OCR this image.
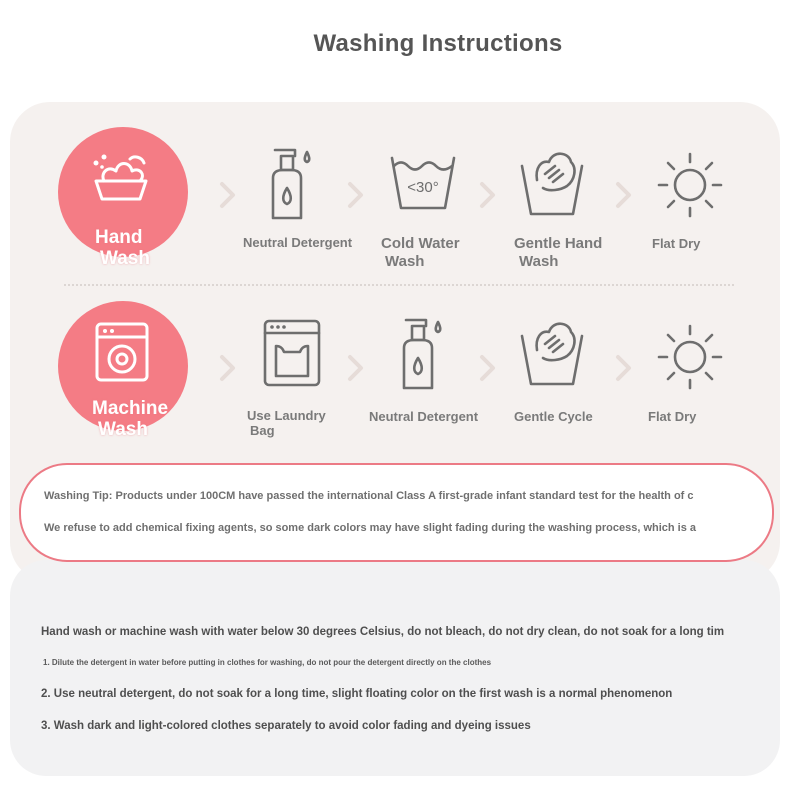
Washing Instructions
Hand
Wash
Neutral Detergent
<30°
Cold Water
Wash
Gentle Hand
Wash
Flat Dry
Machine
Wash
Use Laundry
Bag
Neutral Detergent	Gentle Cycle	Flat Dry
Washing Tip: Products under 100CM have passed the international Class A first-grade infant standard test for the health of c
We refuse to add chemical fixing agents, so some dark colors may have slight fading during the washing process, which is a
Hand wash or machine wash with water below 30 degrees Celsius, do not bleach, do not dry clean, do not soak for a long tim
1. Dilute the detergent in water before putting in clothes for washing, do not pour the detergent directly on the clothes
2. Use neutral detergent, do not soak for a long time, slight floating color on the first wash is a normal phenomenon
3. Wash dark and light-colored clothes separately to avoid color fading and dyeing issues
